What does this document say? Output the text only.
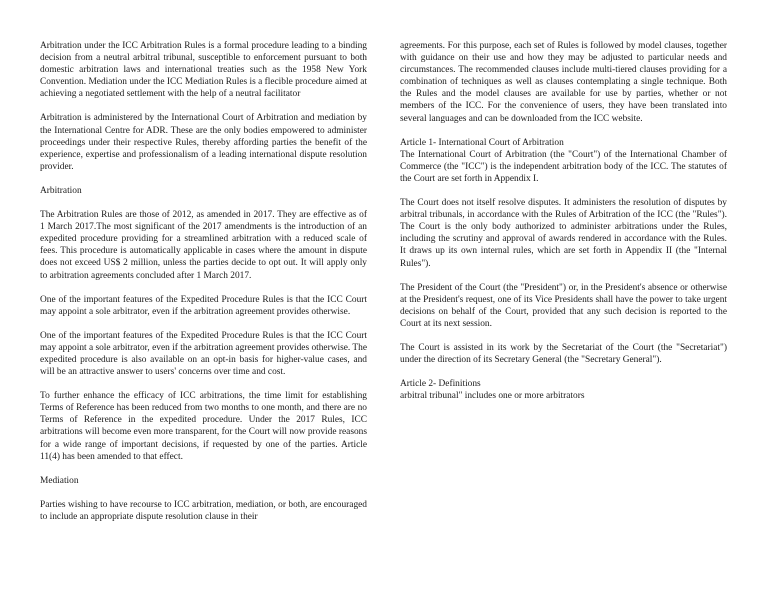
Arbitration under the ICC Arbitration Rules is a formal procedure leading to a binding decision from a neutral arbitral tribunal, susceptible to enforcement pursuant to both domestic arbitration laws and international treaties such as the 1958 New York Convention. Mediation under the ICC Mediation Rules is a flecible procedure aimed at achieving a negotiated settlement with the help of a neutral facilitator

Arbitration is administered by the International Court of Arbitration and mediation by the International Centre for ADR. These are the only bodies empowered to administer proceedings under their respective Rules, thereby affording parties the benefit of the experience, expertise and professionalism of a leading international dispute resolution provider.

Arbitration

The Arbitration Rules are those of 2012, as amended in 2017. They are effective as of 1 March 2017.The most significant of the 2017 amendments is the introduction of an expedited procedure providing for a streamlined arbitration with a reduced scale of fees. This procedure is automatically applicable in cases where the amount in dispute does not exceed US$ 2 million, unless the parties decide to opt out. It will apply only to arbitration agreements concluded after 1 March 2017.

One of the important features of the Expedited Procedure Rules is that the ICC Court may appoint a sole arbitrator, even if the arbitration agreement provides otherwise.

One of the important features of the Expedited Procedure Rules is that the ICC Court may appoint a sole arbitrator, even if the arbitration agreement provides otherwise. The expedited procedure is also available on an opt-in basis for higher-value cases, and will be an attractive answer to users' concerns over time and cost.

To further enhance the efficacy of ICC arbitrations, the time limit for establishing Terms of Reference has been reduced from two months to one month, and there are no Terms of Reference in the expedited procedure. Under the 2017 Rules, ICC arbitrations will become even more transparent, for the Court will now provide reasons for a wide range of important decisions, if requested by one of the parties. Article 11(4) has been amended to that effect.

Mediation

Parties wishing to have recourse to ICC arbitration, mediation, or both, are encouraged to include an appropriate dispute resolution clause in their

agreements. For this purpose, each set of Rules is followed by model clauses, together with guidance on their use and how they may be adjusted to particular needs and circumstances. The recommended clauses include multi-tiered clauses providing for a combination of techniques as well as clauses contemplating a single technique. Both the Rules and the model clauses are available for use by parties, whether or not members of the ICC. For the convenience of users, they have been translated into several languages and can be downloaded from the ICC website.

Article 1- International Court of Arbitration

The International Court of Arbitration (the "Court") of the International Chamber of Commerce (the "ICC") is the independent arbitration body of the ICC. The statutes of the Court are set forth in Appendix I.

The Court does not itself resolve disputes. It administers the resolution of disputes by arbitral tribunals, in accordance with the Rules of Arbitration of the ICC (the "Rules"). The Court is the only body authorized to administer arbitrations under the Rules, including the scrutiny and approval of awards rendered in accordance with the Rules. It draws up its own internal rules, which are set forth in Appendix II (the "Internal Rules").

The President of the Court (the "President") or, in the President's absence or otherwise at the President's request, one of its Vice Presidents shall have the power to take urgent decisions on behalf of the Court, provided that any such decision is reported to the Court at its next session.

The Court is assisted in its work by the Secretariat of the Court (the "Secretariat") under the direction of its Secretary General (the "Secretary General").

Article 2- Definitions

arbitral tribunal" includes one or more arbitrators
